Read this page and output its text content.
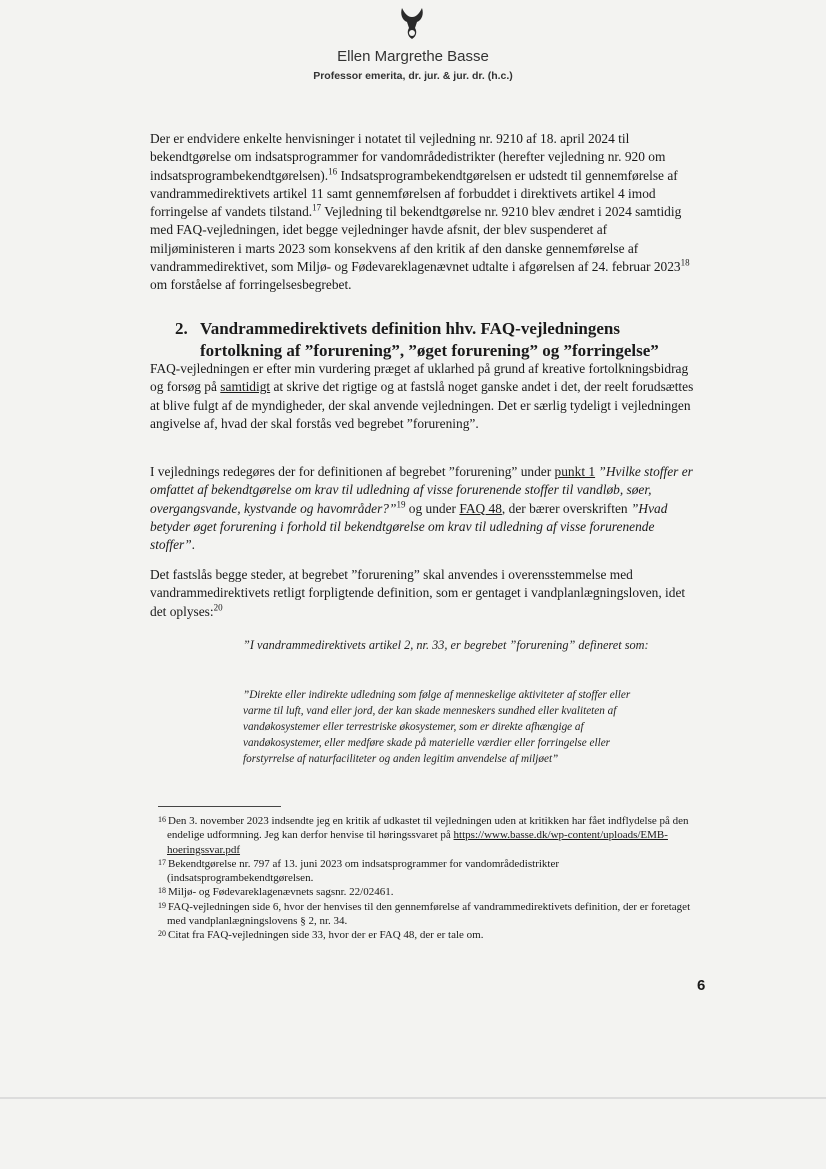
Ellen Margrethe Basse
Professor emerita, dr. jur. & jur. dr. (h.c.)

Der er endvidere enkelte henvisninger i notatet til vejledning nr. 9210 af 18. april 2024 til bekendtgørelse om indsatsprogrammer for vandområdedistrikter (herefter vejledning nr. 920 om indsatsprogrambekendtgørelsen).$^{16}$ Indsatsprogrambekendtgørelsen er udstedt til gennemførelse af vandrammedirektivets artikel 11 samt gennemførelsen af forbuddet i direktivets artikel 4 imod forringelse af vandets tilstand.$^{17}$ Vejledning til bekendtgørelse nr. 9210 blev ændret i 2024 samtidig med FAQ-vejledningen, idet begge vejledninger havde afsnit, der blev suspenderet af miljøministeren i marts 2023 som konsekvens af den kritik af den danske gennemførelse af vandrammedirektivet, som Miljø- og Fødevareklagenævnet udtalte i afgørelsen af 24. februar 2023$^{18}$ om forståelse af forringelsesbegrebet.

2. Vandrammedirektivets definition hhv. FAQ-vejledningens fortolkning af ”forurening”, ”øget forurening” og ”forringelse”

FAQ-vejledningen er efter min vurdering præget af uklarhed på grund af kreative fortolkningsbidrag og forsøg på samtidigt at skrive det rigtige og at fastslå noget ganske andet i det, der reelt forudsættes at blive fulgt af de myndigheder, der skal anvende vejledningen. Det er særlig tydeligt i vejledningen angivelse af, hvad der skal forstås ved begrebet ”forurening”.

I vejlednings redegøres der for definitionen af begrebet ”forurening” under punkt 1 ”Hvilke stoffer er omfattet af bekendtgørelse om krav til udledning af visse forurenende stoffer til vandløb, søer, overgangsvande, kystvande og havområder?”$^{19}$ og under FAQ 48, der bærer overskriften ”Hvad betyder øget forurening i forhold til bekendtgørelse om krav til udledning af visse forurenende stoffer”.

Det fastslås begge steder, at begrebet ”forurening” skal anvendes i overensstemmelse med vandrammedirektivets retligt forpligtende definition, som er gentaget i vandplanlægningsloven, idet det oplyses:$^{20}$

”I vandrammedirektivets artikel 2, nr. 33, er begrebet ”forurening” defineret som:

”Direkte eller indirekte udledning som følge af menneskelige aktiviteter af stoffer eller varme til luft, vand eller jord, der kan skade menneskers sundhed eller kvaliteten af vandøkosystemer eller terrestriske økosystemer, som er direkte afhængige af vandøkosystemer, eller medføre skade på materielle værdier eller forringelse eller forstyrrelse af naturfaciliteter og anden legitim anvendelse af miljøet”

$^{16}$ Den 3. november 2023 indsendte jeg en kritik af udkastet til vejledningen uden at kritikken har fået indflydelse på den endelige udformning. Jeg kan derfor henvise til høringssvaret på https://www.basse.dk/wp-content/uploads/EMB-hoeringssvar.pdf

$^{17}$ Bekendtgørelse nr. 797 af 13. juni 2023 om indsatsprogrammer for vandområdedistrikter (indsatsprogrambekendtgørelsen.

$^{18}$ Miljø- og Fødevareklagenævnets sagsnr. 22/02461.

$^{19}$ FAQ-vejledningen side 6, hvor der henvises til den gennemførelse af vandrammedirektivets definition, der er foretaget med vandplanlægningslovens § 2, nr. 34.

$^{20}$ Citat fra FAQ-vejledningen side 33, hvor der er FAQ 48, der er tale om.

6
